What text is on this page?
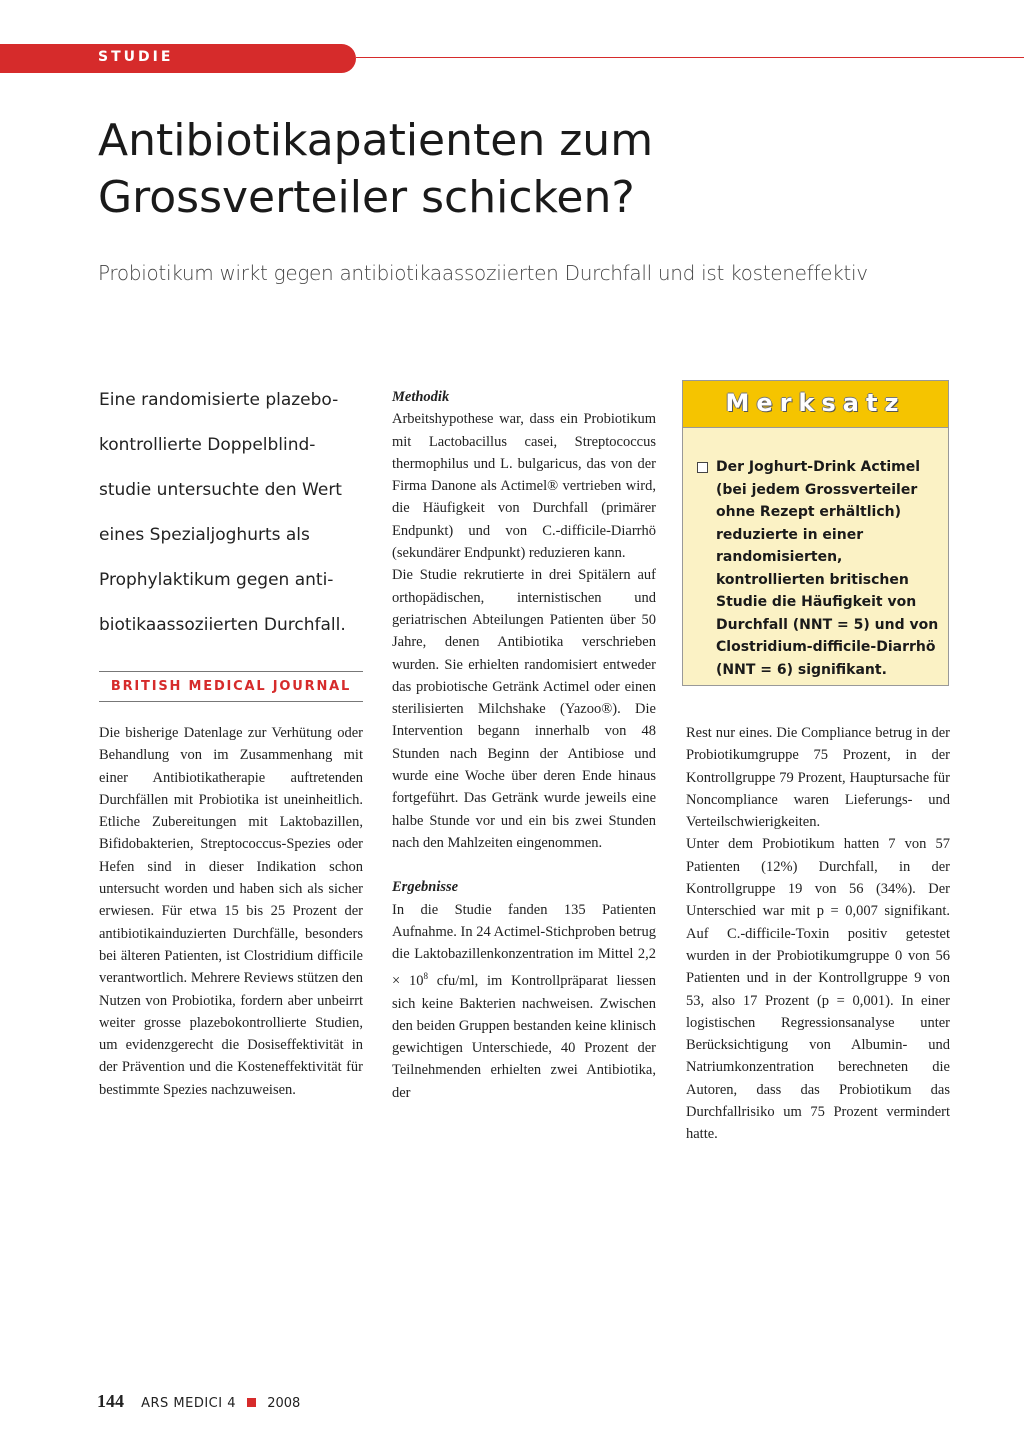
STUDIE
Antibiotikapatienten zum
Grossverteiler schicken?
Probiotikum wirkt gegen antibiotikaassoziierten Durchfall und ist kosteneffektiv

Eine randomisierte plazebo-

kontrollierte Doppelblind-

studie untersuchte den Wert

eines Spezialjoghurts als

Prophylaktikum gegen anti-

biotikaassoziierten Durchfall.

BRITISH MEDICAL JOURNAL

Die bisherige Datenlage zur Verhütung oder Behandlung von im Zusammenhang mit einer Antibiotikatherapie auftretenden Durchfällen mit Probiotika ist uneinheitlich. Etliche Zubereitungen mit Laktobazillen, Bifidobakterien, Streptococcus-Spezies oder Hefen sind in dieser Indikation schon untersucht worden und haben sich als sicher erwiesen. Für etwa 15 bis 25 Prozent der antibiotikainduzierten Durchfälle, besonders bei älteren Patienten, ist Clostridium difficile verantwortlich. Mehrere Reviews stützen den Nutzen von Probiotika, fordern aber unbeirrt weiter grosse plazebokontrollierte Studien, um evidenzgerecht die Dosiseffektivität in der Prävention und die Kosteneffektivität für bestimmte Spezies nachzuweisen.

Methodik

Arbeitshypothese war, dass ein Probiotikum mit Lactobacillus casei, Streptococcus thermophilus und L. bulgaricus, das von der Firma Danone als Actimel® vertrieben wird, die Häufigkeit von Durchfall (primärer Endpunkt) und von C.-difficile-Diarrhö (sekundärer Endpunkt) reduzieren kann.

Die Studie rekrutierte in drei Spitälern auf orthopädischen, internistischen und geriatrischen Abteilungen Patienten über 50 Jahre, denen Antibiotika verschrieben wurden. Sie erhielten randomisiert entweder das probiotische Getränk Actimel oder einen sterilisierten Milchshake (Yazoo®). Die Intervention begann innerhalb von 48 Stunden nach Beginn der Antibiose und wurde eine Woche über deren Ende hinaus fortgeführt. Das Getränk wurde jeweils eine halbe Stunde vor und ein bis zwei Stunden nach den Mahlzeiten eingenommen.

Ergebnisse

In die Studie fanden 135 Patienten Aufnahme. In 24 Actimel-Stichproben betrug die Laktobazillenkonzentration im Mittel $2,2 \times 10^8$ cfu/ml, im Kontrollpräparat liessen sich keine Bakterien nachweisen. Zwischen den beiden Gruppen bestanden keine klinisch gewichtigen Unterschiede, 40 Prozent der Teilnehmenden erhielten zwei Antibiotika, der

Merksatz
Der Joghurt-Drink Actimel (bei jedem Grossverteiler ohne Rezept erhältlich) reduzierte in einer randomisierten, kontrollierten britischen Studie die Häufigkeit von Durchfall (NNT = 5) und von Clostridium-difficile-Diarrhö (NNT = 6) signifikant.

Rest nur eines. Die Compliance betrug in der Probiotikumgruppe 75 Prozent, in der Kontrollgruppe 79 Prozent, Hauptursache für Noncompliance waren Lieferungs- und Verteilschwierigkeiten.

Unter dem Probiotikum hatten 7 von 57 Patienten (12%) Durchfall, in der Kontrollgruppe 19 von 56 (34%). Der Unterschied war mit p = 0,007 signifikant. Auf C.-difficile-Toxin positiv getestet wurden in der Probiotikumgruppe 0 von 56 Patienten und in der Kontrollgruppe 9 von 53, also 17 Prozent (p = 0,001). In einer logistischen Regressionsanalyse unter Berücksichtigung von Albumin- und Natriumkonzentration berechneten die Autoren, dass das Probiotikum das Durchfallrisiko um 75 Prozent vermindert hatte.

144 ARS MEDICI 4 2008
